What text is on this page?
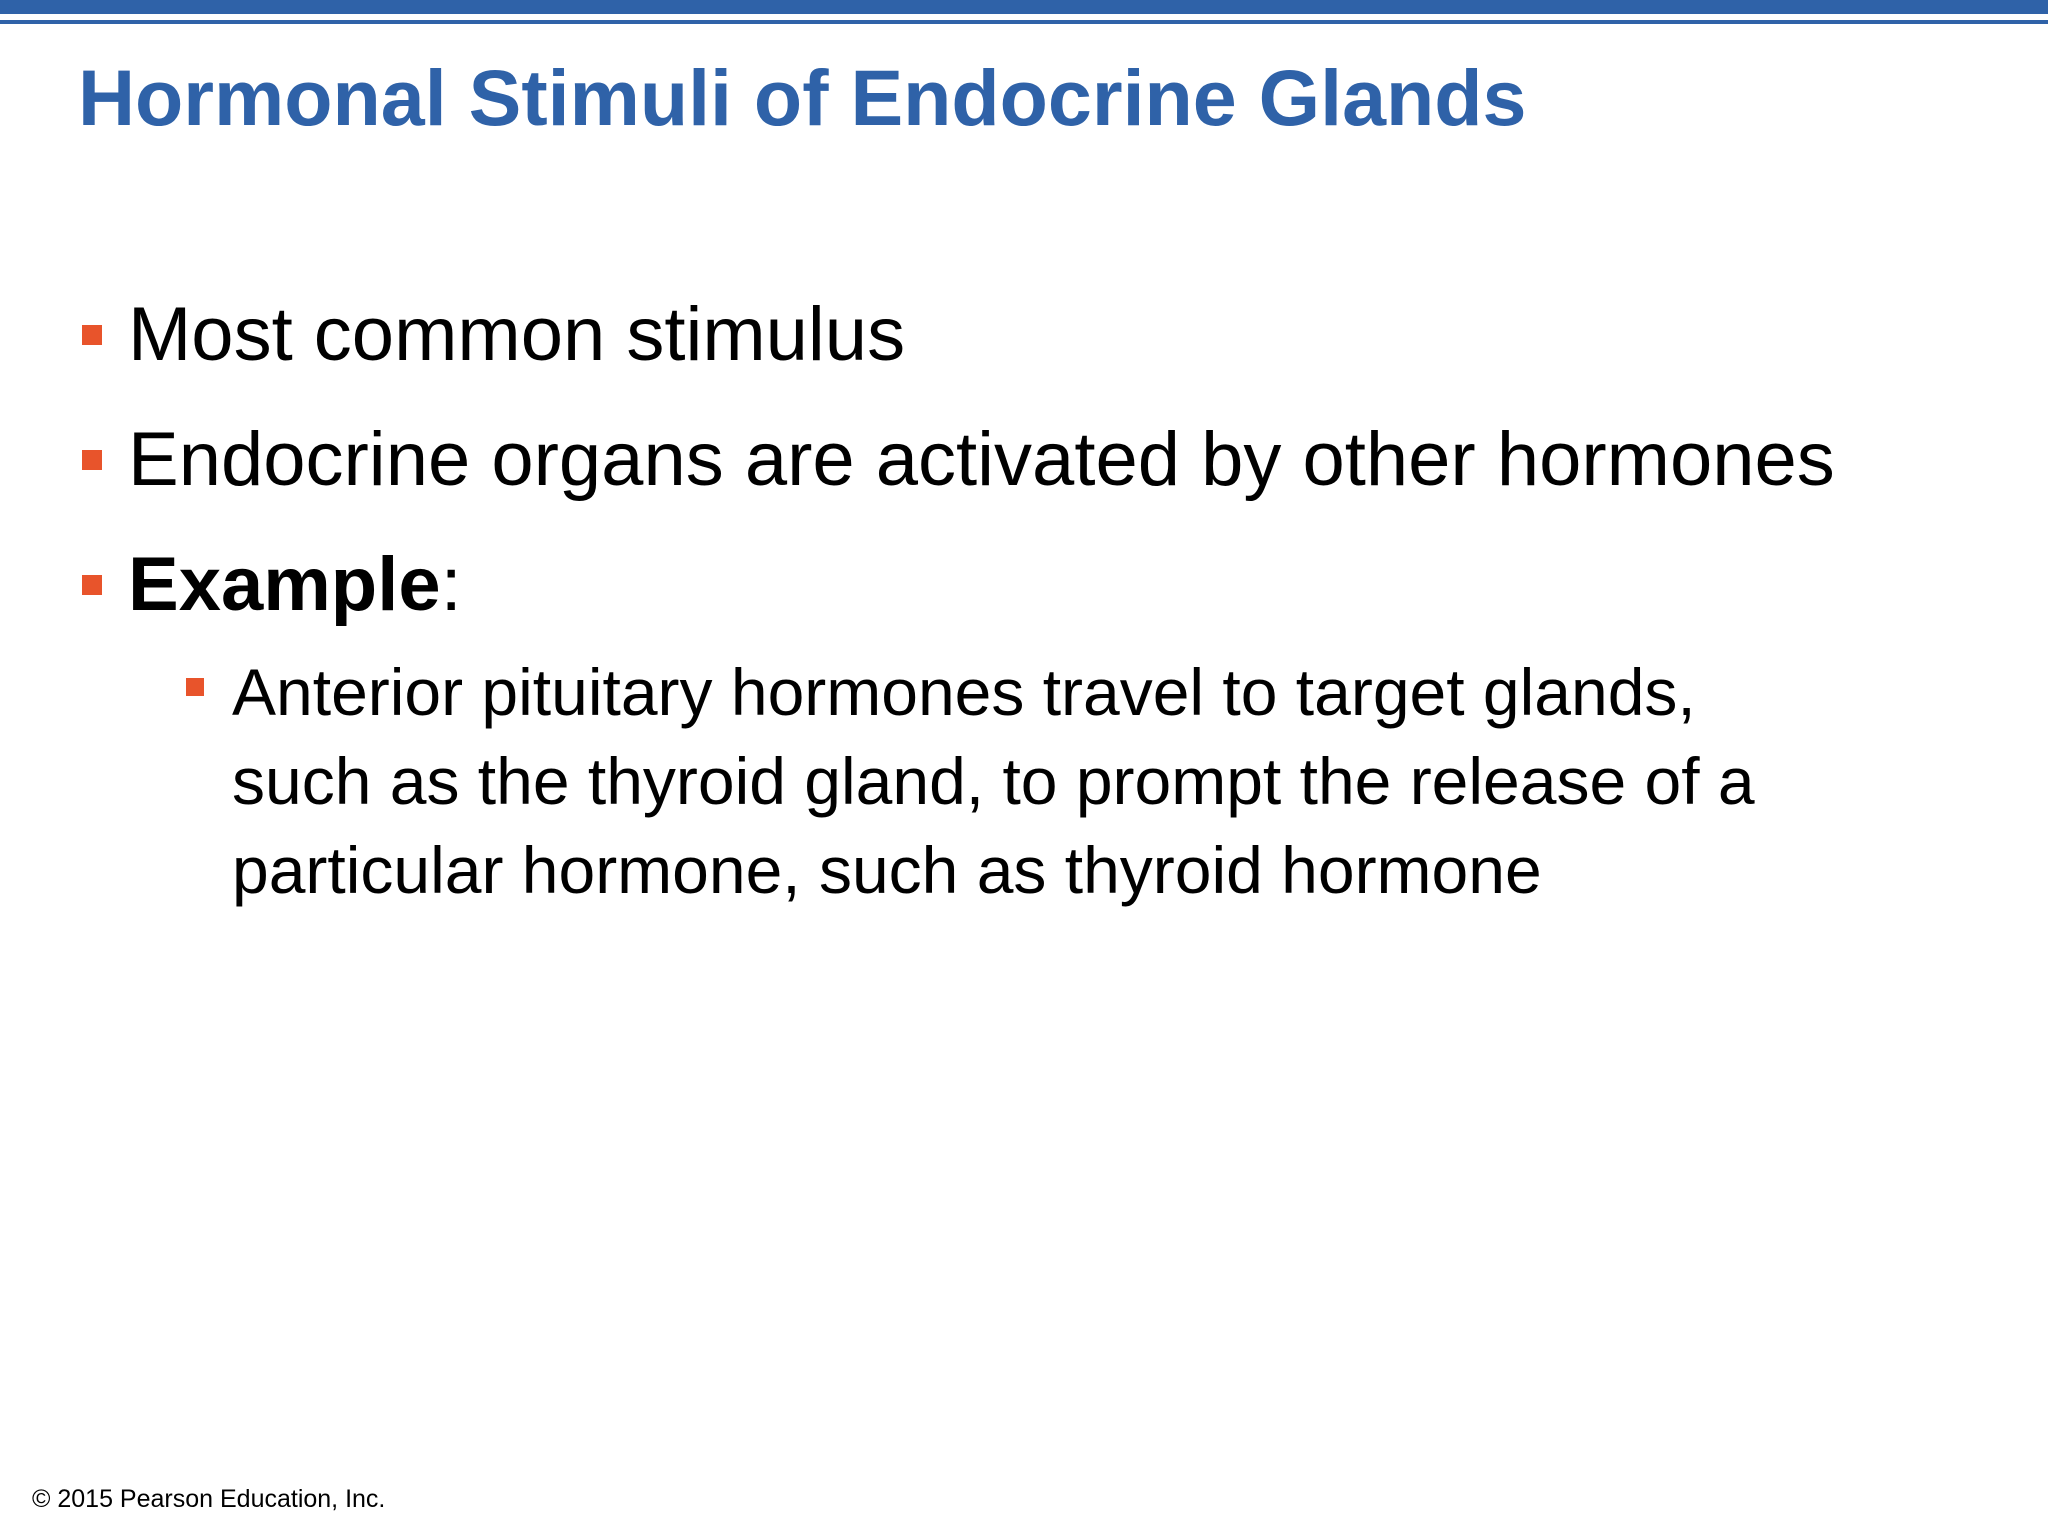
Hormonal Stimuli of Endocrine Glands
Most common stimulus
Endocrine organs are activated by other hormones
Example:
Anterior pituitary hormones travel to target glands,
such as the thyroid gland, to prompt the release of a
particular hormone, such as thyroid hormone
© 2015 Pearson Education, Inc.
